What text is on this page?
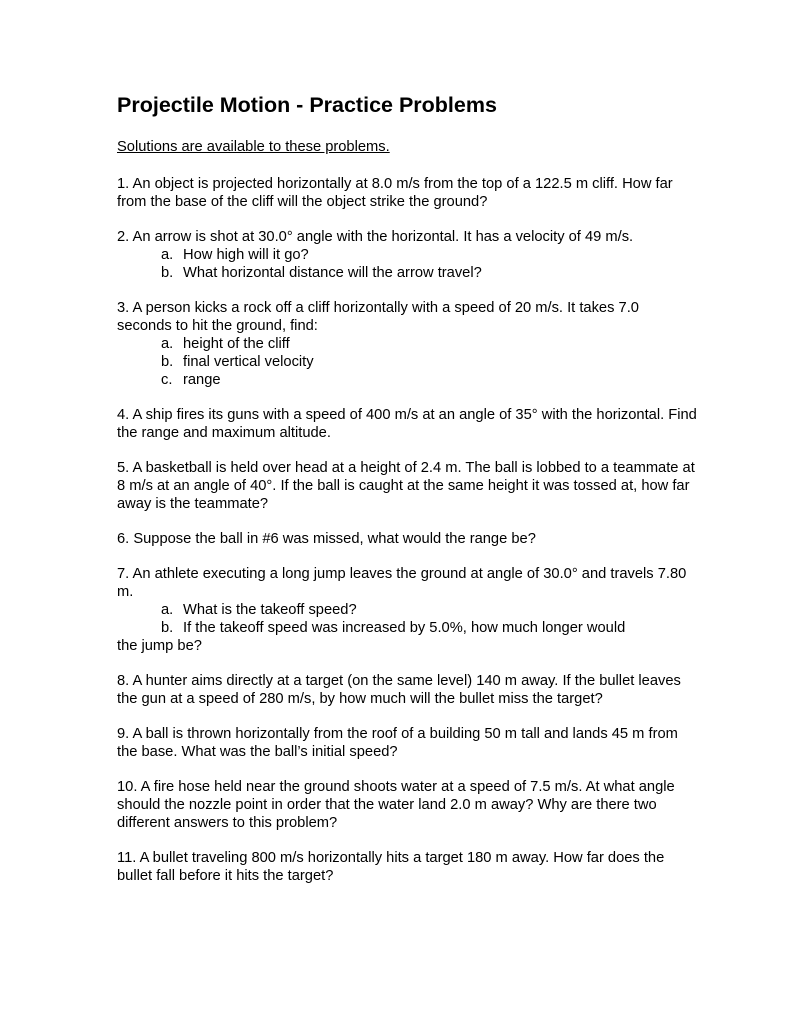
Projectile Motion - Practice Problems
Solutions are available to these problems.

1. An object is projected horizontally at 8.0 m/s from the top of a 122.5 m cliff. How far from the base of the cliff will the object strike the ground?

2. An arrow is shot at 30.0° angle with the horizontal. It has a velocity of 49 m/s.

a. How high will it go?

b. What horizontal distance will the arrow travel?

3. A person kicks a rock off a cliff horizontally with a speed of 20 m/s. It takes 7.0 seconds to hit the ground, find:

a. height of the cliff

b. final vertical velocity

c. range

4. A ship fires its guns with a speed of 400 m/s at an angle of 35° with the horizontal. Find the range and maximum altitude.

5. A basketball is held over head at a height of 2.4 m. The ball is lobbed to a teammate at 8 m/s at an angle of 40°. If the ball is caught at the same height it was tossed at, how far away is the teammate?

6. Suppose the ball in #6 was missed, what would the range be?

7. An athlete executing a long jump leaves the ground at angle of 30.0° and travels 7.80 m.

a. What is the takeoff speed?

b. If the takeoff speed was increased by 5.0%, how much longer would

the jump be?

8. A hunter aims directly at a target (on the same level) 140 m away. If the bullet leaves the gun at a speed of 280 m/s, by how much will the bullet miss the target?

9. A ball is thrown horizontally from the roof of a building 50 m tall and lands 45 m from the base. What was the ball’s initial speed?

10. A fire hose held near the ground shoots water at a speed of 7.5 m/s. At what angle should the nozzle point in order that the water land 2.0 m away? Why are there two different answers to this problem?

11. A bullet traveling 800 m/s horizontally hits a target 180 m away. How far does the bullet fall before it hits the target?
